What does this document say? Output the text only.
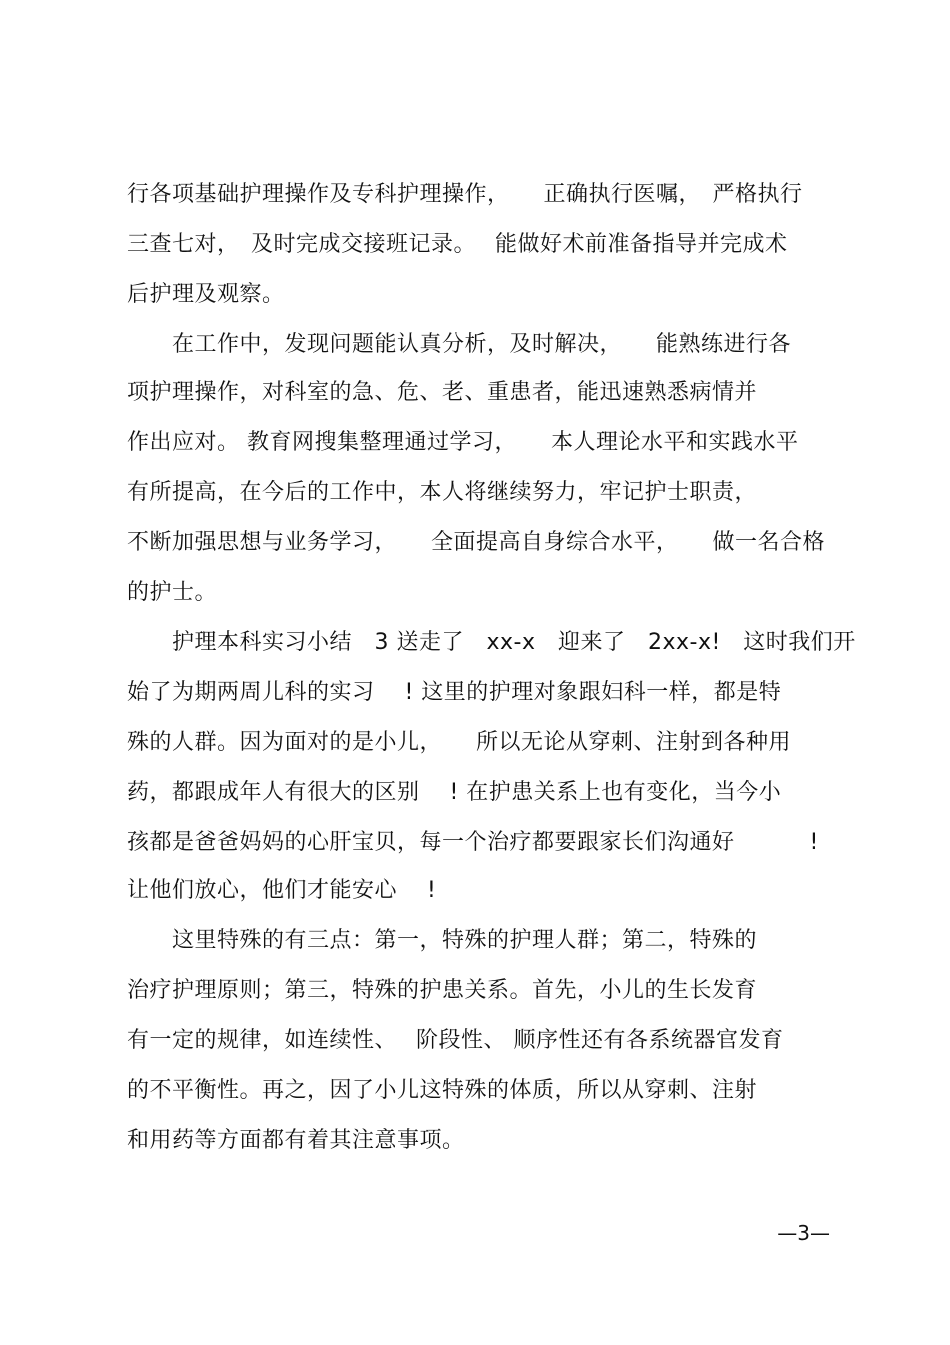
行各项基础护理操作及专科护理操作，　　正确执行医嘱，　严格执行
三查七对，　及时完成交接班记录。　 能做好术前准备指导并完成术
后护理及观察。
　　在工作中，发现问题能认真分析，及时解决，　　能熟练进行各
项护理操作，对科室的急、危、老、重患者，能迅速熟悉病情并
作出应对。 教育网搜集整理通过学习，　　本人理论水平和实践水平
有所提高，在今后的工作中，本人将继续努力，牢记护士职责，
不断加强思想与业务学习，　　全面提高自身综合水平，　　做一名合格
的护士。
　　护理本科实习小结　3 送走了　xx-x　迎来了　2xx-x!　这时我们开
始了为期两周儿科的实习　 ! 这里的护理对象跟妇科一样，都是特
殊的人群。因为面对的是小儿，　　所以无论从穿刺、注射到各种用
药，都跟成年人有很大的区别　 ! 在护患关系上也有变化，当今小
孩都是爸爸妈妈的心肝宝贝，每一个治疗都要跟家长们沟通好　　　 !
让他们放心，他们才能安心　 !
　　这里特殊的有三点：第一，特殊的护理人群；第二，特殊的
治疗护理原则；第三，特殊的护患关系。首先，小儿的生长发育
有一定的规律，如连续性、　 阶段性、 顺序性还有各系统器官发育
的不平衡性。再之，因了小儿这特殊的体质，所以从穿刺、注射
和用药等方面都有着其注意事项。
—3—
